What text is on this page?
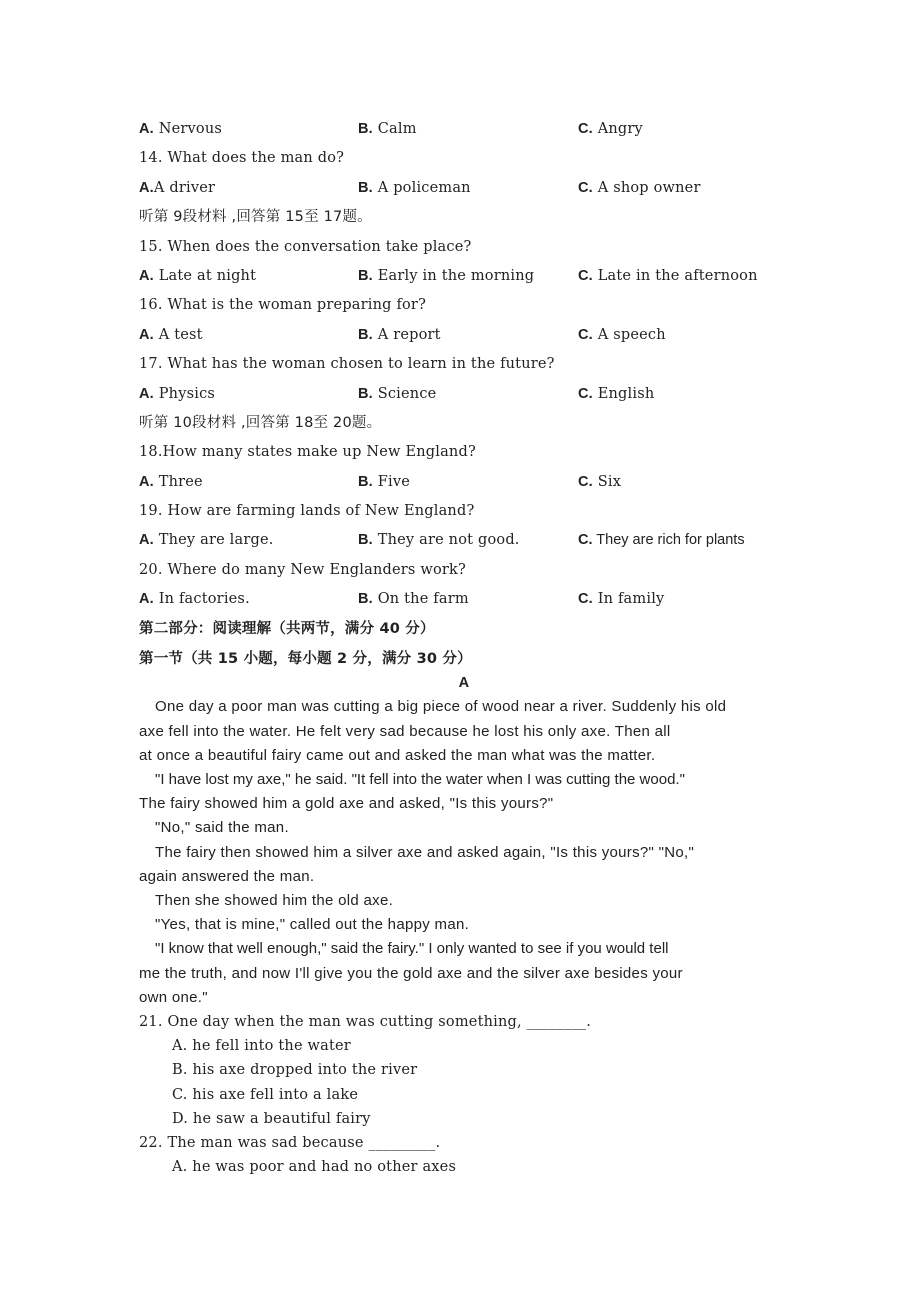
A. Nervous	B. Calm	C. Angry
14. What does the man do?
A.A driver	B. A policeman	C. A shop owner
听第 9段材料 ,回答第 15至 17题。
15. When does the conversation take place?
A. Late at night	B. Early in the morning	C. Late in the afternoon
16. What is the woman preparing for?
A. A test	B. A report	C. A speech
17. What has the woman chosen to learn in the future?
A. Physics	B. Science	C. English
听第 10段材料 ,回答第 18至 20题。
18.How many states make up New England?
A. Three	B. Five	C. Six
19. How are farming lands of New England?
A. They are large.	B. They are not good.	C. They are rich for plants
20. Where do many New Englanders work?
A. In factories.	B. On the farm	C. In family
第二部分：阅读理解（共两节，满分 40 分）
第一节（共 15 小题，每小题 2 分，满分 30 分）
A
One day a poor man was cutting a big piece of wood near a river. Suddenly his old
axe fell into the water. He felt very sad because he lost his only axe. Then all
at once a beautiful fairy came out and asked the man what was the matter.
"I have lost my axe," he said. "It fell into the water when I was cutting the wood."
The fairy showed him a gold axe and asked, "Is this yours?"
"No," said the man.
The fairy then showed him a silver axe and asked again, "Is this yours?" "No,"
again answered the man.
Then she showed him the old axe.
"Yes, that is mine," called out the happy man.
"I know that well enough," said the fairy." I only wanted to see if you would tell
me the truth, and now I'll give you the gold axe and the silver axe besides your
own one."
21. One day when the man was cutting something, ________.
A. he fell into the water
B. his axe dropped into the river
C. his axe fell into a lake
D. he saw a beautiful fairy
22. The man was sad because _________.
A. he was poor and had no other axes
